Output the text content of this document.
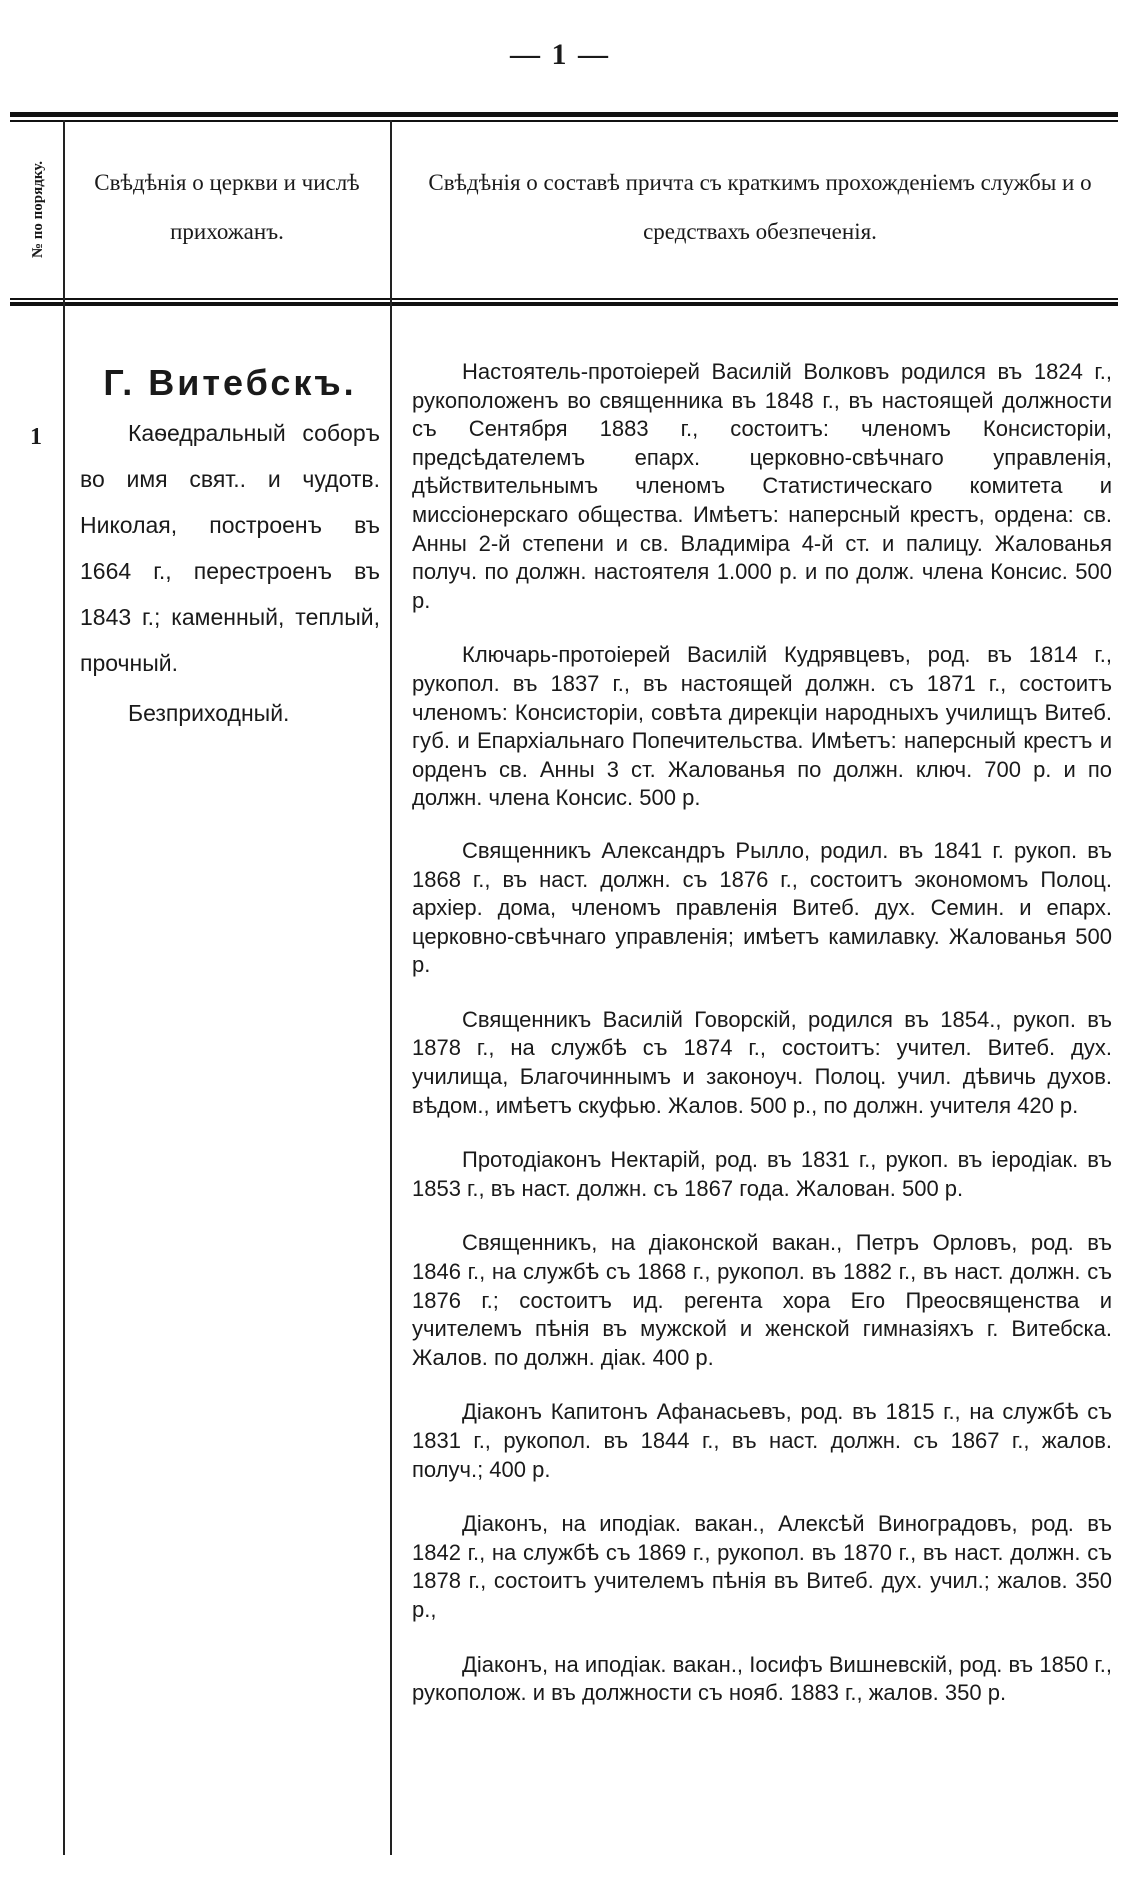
— 1 —
№ по порядку.	Свѣдѣнія о церкви и числѣ прихожанъ.
Свѣдѣнія о составѣ причта съ краткимъ прохожденіемъ службы и о средствахъ обезпеченія.
1
Г. Витебскъ.
Каѳедральный соборъ во имя свят.. и чудотв. Николая, построенъ въ 1664 г., перестроенъ въ 1843 г.; каменный, теплый, прочный.
Безприходный.

Настоятель-протоіерей Василій Волковъ родился въ 1824 г., рукоположенъ во священника въ 1848 г., въ настоящей должности съ Сентября 1883 г., состоитъ: членомъ Консисторіи, предсѣдателемъ епарх. церковно-свѣчнаго управленія, дѣйствительнымъ членомъ Статистическаго комитета и миссіонерскаго общества. Имѣетъ: наперсный крестъ, ордена: св. Анны 2-й степени и св. Владиміра 4-й ст. и палицу. Жалованья получ. по должн. настоятеля 1.000 р. и по долж. члена Консис. 500 р.

Ключарь-протоіерей Василій Кудрявцевъ, род. въ 1814 г., рукопол. въ 1837 г., въ настоящей должн. съ 1871 г., состоитъ членомъ: Консисторіи, совѣта дирекціи народныхъ училищъ Витеб. губ. и Епархіальнаго Попечительства. Имѣетъ: наперсный крестъ и орденъ св. Анны 3 ст. Жалованья по должн. ключ. 700 р. и по должн. члена Консис. 500 р.

Священникъ Александръ Рылло, родил. въ 1841 г. рукоп. въ 1868 г., въ наст. должн. съ 1876 г., состоитъ экономомъ Полоц. архіер. дома, членомъ правленія Витеб. дух. Семин. и епарх. церковно-свѣчнаго управленія; имѣетъ камилавку. Жалованья 500 р.

Священникъ Василій Говорскій, родился въ 1854., рукоп. въ 1878 г., на службѣ съ 1874 г., состоитъ: учител. Витеб. дух. училища, Благочиннымъ и законоуч. Полоц. учил. дѣвичь духов. вѣдом., имѣетъ скуфью. Жалов. 500 р., по должн. учителя 420 р.

Протодіаконъ Нектарій, род. въ 1831 г., рукоп. въ іеродіак. въ 1853 г., въ наст. должн. съ 1867 года. Жалован. 500 р.

Священникъ, на діаконской вакан., Петръ Орловъ, род. въ 1846 г., на службѣ съ 1868 г., рукопол. въ 1882 г., въ наст. должн. съ 1876 г.; состоитъ ид. регента хора Его Преосвященства и учителемъ пѣнія въ мужской и женской гимназіяхъ г. Витебска. Жалов. по должн. діак. 400 р.

Діаконъ Капитонъ Афанасьевъ, род. въ 1815 г., на службѣ съ 1831 г., рукопол. въ 1844 г., въ наст. должн. съ 1867 г., жалов. получ.; 400 р.

Діаконъ, на иподіак. вакан., Алексѣй Виноградовъ, род. въ 1842 г., на службѣ съ 1869 г., рукопол. въ 1870 г., въ наст. должн. съ 1878 г., состоитъ учителемъ пѣнія въ Витеб. дух. учил.; жалов. 350 р.,

Діаконъ, на иподіак. вакан., Іосифъ Вишневскій, род. въ 1850 г., рукополож. и въ должности съ нояб. 1883 г., жалов. 350 р.
